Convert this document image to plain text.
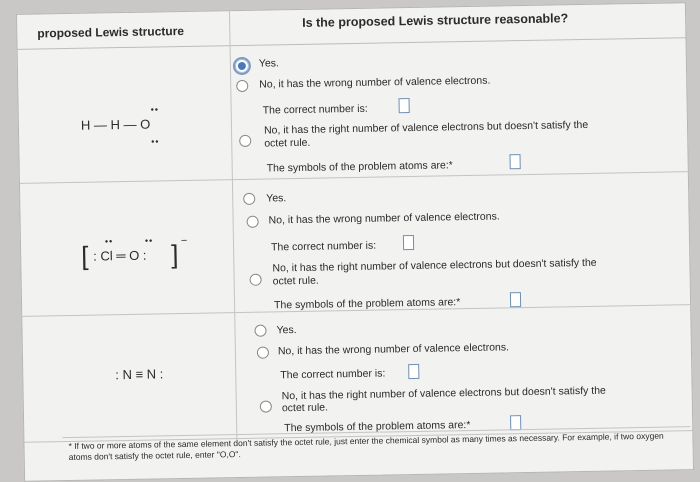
proposed Lewis structure
Is the proposed Lewis structure reasonable?
H — H — O
••
••
Yes.
No, it has the wrong number of valence electrons.
The correct number is:
No, it has the right number of valence electrons but doesn't satisfy the
octet rule.
The symbols of the problem atoms are:*
[ : Cl ═ O :
••	•• ] −
Yes.
No, it has the wrong number of valence electrons.
The correct number is:
No, it has the right number of valence electrons but doesn't satisfy the
octet rule.
The symbols of the problem atoms are:*
: N ≡ N :
Yes.
No, it has the wrong number of valence electrons.
The correct number is:
No, it has the right number of valence electrons but doesn't satisfy the
octet rule.
The symbols of the problem atoms are:*
* If two or more atoms of the same element don't satisfy the octet rule, just enter the chemical symbol as many times as necessary. For example, if two oxygen atoms don't satisfy the octet rule, enter "O,O".
